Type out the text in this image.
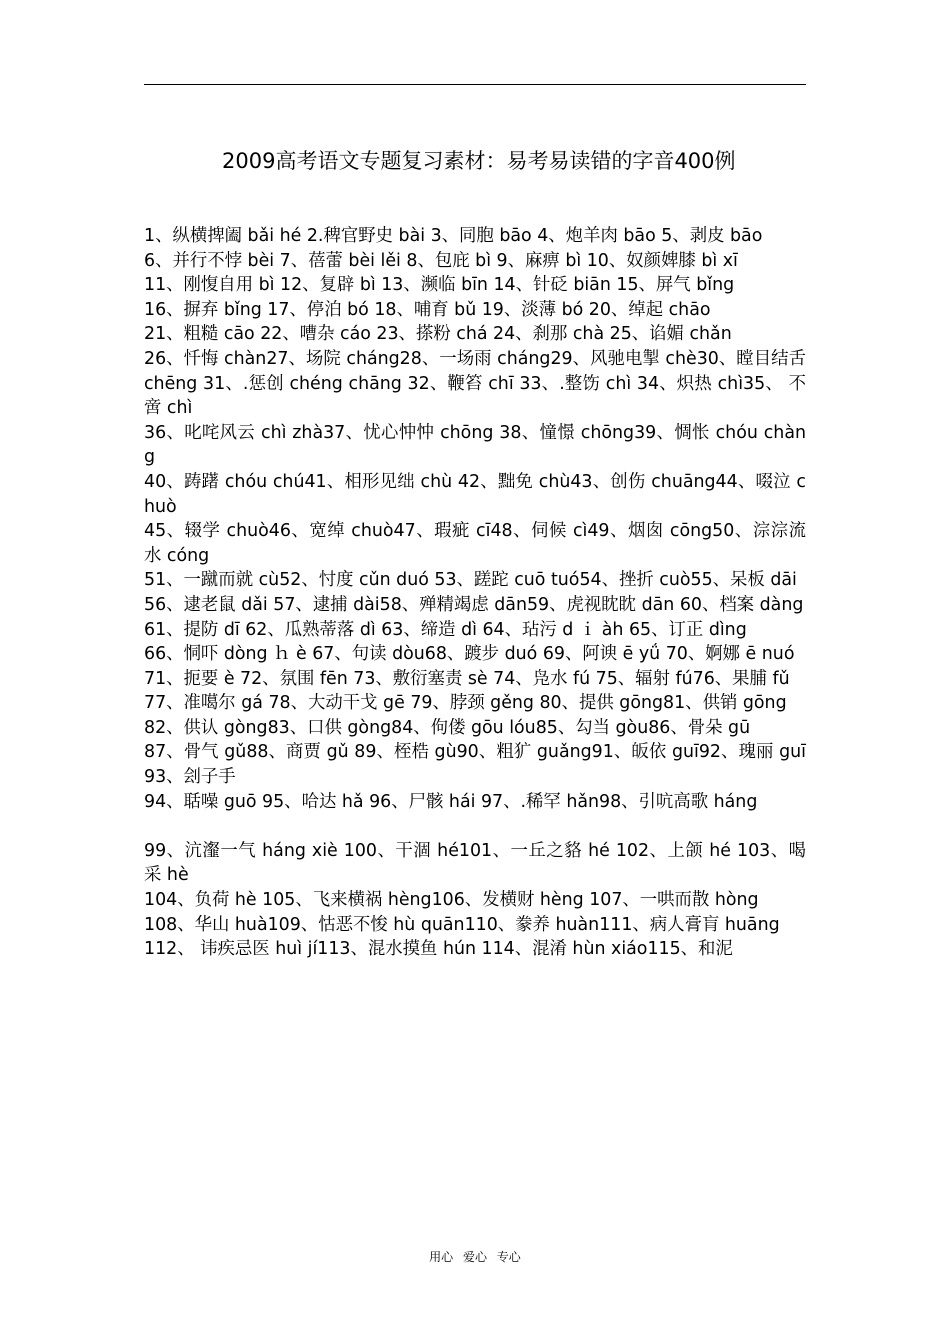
2009高考语文专题复习素材：易考易读错的字音400例

1、纵横捭阖 bǎi hé 2.稗官野史 bài 3、同胞 bāo 4、炮羊肉 bāo 5、剥皮 bāo

6、并行不悖 bèi 7、蓓蕾 bèi lěi 8、包庇 bì 9、麻痹 bì 10、奴颜婢膝 bì xī

11、刚愎自用 bì 12、复辟 bì 13、濒临 bīn 14、针砭 biān 15、屏气 bǐng

16、摒弃 bǐng 17、停泊 bó 18、哺育 bǔ 19、淡薄 bó 20、绰起 chāo

21、粗糙 cāo 22、嘈杂 cáo 23、搽粉 chá 24、刹那 chà 25、谄媚 chǎn

26、忏悔 chàn27、场院 cháng28、一场雨 cháng29、风驰电掣 chè30、瞠目结舌 chēng 31、.惩创 chéng chāng 32、鞭笞 chī 33、.整饬 chì 34、炽热 chì35、 不啻 chì

36、叱咤风云 chì zhà37、忧心忡忡 chōng 38、憧憬 chōng39、惆怅 chóu chàng

40、踌躇 chóu chú41、相形见绌 chù 42、黜免 chù43、创伤 chuāng44、啜泣 chuò

45、辍学 chuò46、宽绰 chuò47、瑕疵 cī48、伺候 cì49、烟囱 cōng50、淙淙流水 cóng

51、一蹴而就 cù52、忖度 cǔn duó 53、蹉跎 cuō tuó54、挫折 cuò55、呆板 dāi

56、逮老鼠 dǎi 57、逮捕 dài58、殚精竭虑 dān59、虎视眈眈 dān 60、档案 dàng

61、提防 dī 62、瓜熟蒂落 dì 63、缔造 dì 64、玷污 d ｉ àh 65、订正 dìng

66、恫吓 dòng ｈ è 67、句读 dòu68、踱步 duó 69、阿谀 ē yǘ 70、婀娜 ē nuó

71、扼要 è 72、氛围 fēn 73、敷衍塞责 sè 74、凫水 fú 75、辐射 fú76、果脯 fǔ

77、准噶尔 gá 78、大动干戈 gē 79、脖颈 gěng 80、提供 gōng81、供销 gōng

82、供认 gòng83、口供 gòng84、佝偻 gōu lóu85、勾当 gòu86、骨朵 gū

87、骨气 gǔ88、商贾 gǔ 89、桎梏 gù90、粗犷 guǎng91、皈依 guī92、瑰丽 guī 93、刽子手

94、聒噪 guō 95、哈达 hǎ 96、尸骸 hái 97、.稀罕 hǎn98、引吭高歌 háng

99、沆瀣一气 háng xiè 100、干涸 hé101、一丘之貉 hé 102、上颌 hé 103、喝采 hè

104、负荷 hè 105、飞来横祸 hèng106、发横财 hèng 107、一哄而散 hòng

108、华山 huà109、怙恶不悛 hù quān110、豢养 huàn111、病人膏肓 huāng

112、 讳疾忌医 huì jí113、混水摸鱼 hún 114、混淆 hùn xiáo115、和泥

用心 爱心 专心
